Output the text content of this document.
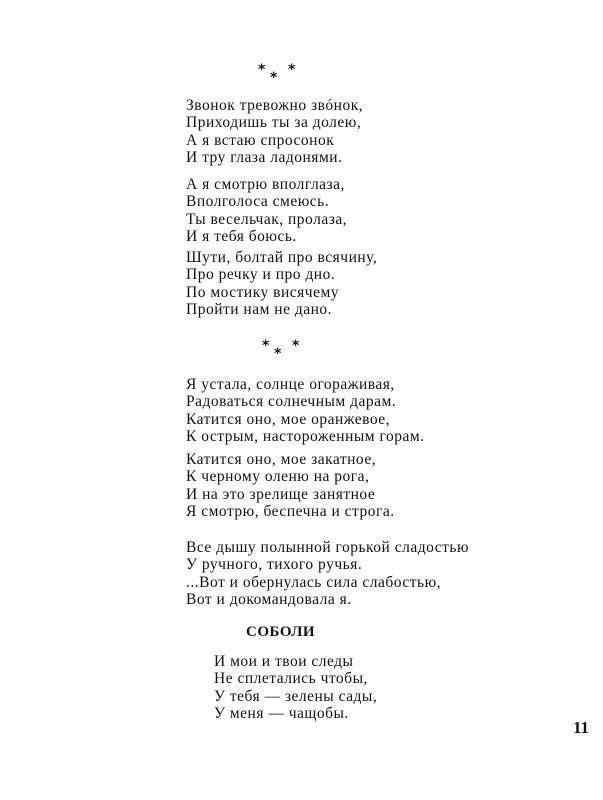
* * *
Звонок тревожно звóнок,
Приходишь ты за долею,
А я встаю спросонок
И тру глаза ладонями.
А я смотрю вполглаза,
Вполголоса смеюсь.
Ты весельчак, пролаза,
И я тебя боюсь.
Шути, болтай про всячину,
Про речку и про дно.
По мостику висячему
Пройти нам не дано.
* * *
Я устала, солнце огораживая,
Радоваться солнечным дарам.
Катится оно, мое оранжевое,
К острым, настороженным горам.
Катится оно, мое закатное,
К черному оленю на рога,
И на это зрелище занятное
Я смотрю, беспечна и строга.
Все дышу полынной горькой сладостью
У ручного, тихого ручья.
...Вот и обернулась сила слабостью,
Вот и докомандовала я.
СОБОЛИ
И мои и твои следы
Не сплетались чтобы,
У тебя — зелены сады,
У меня — чащобы.
11
